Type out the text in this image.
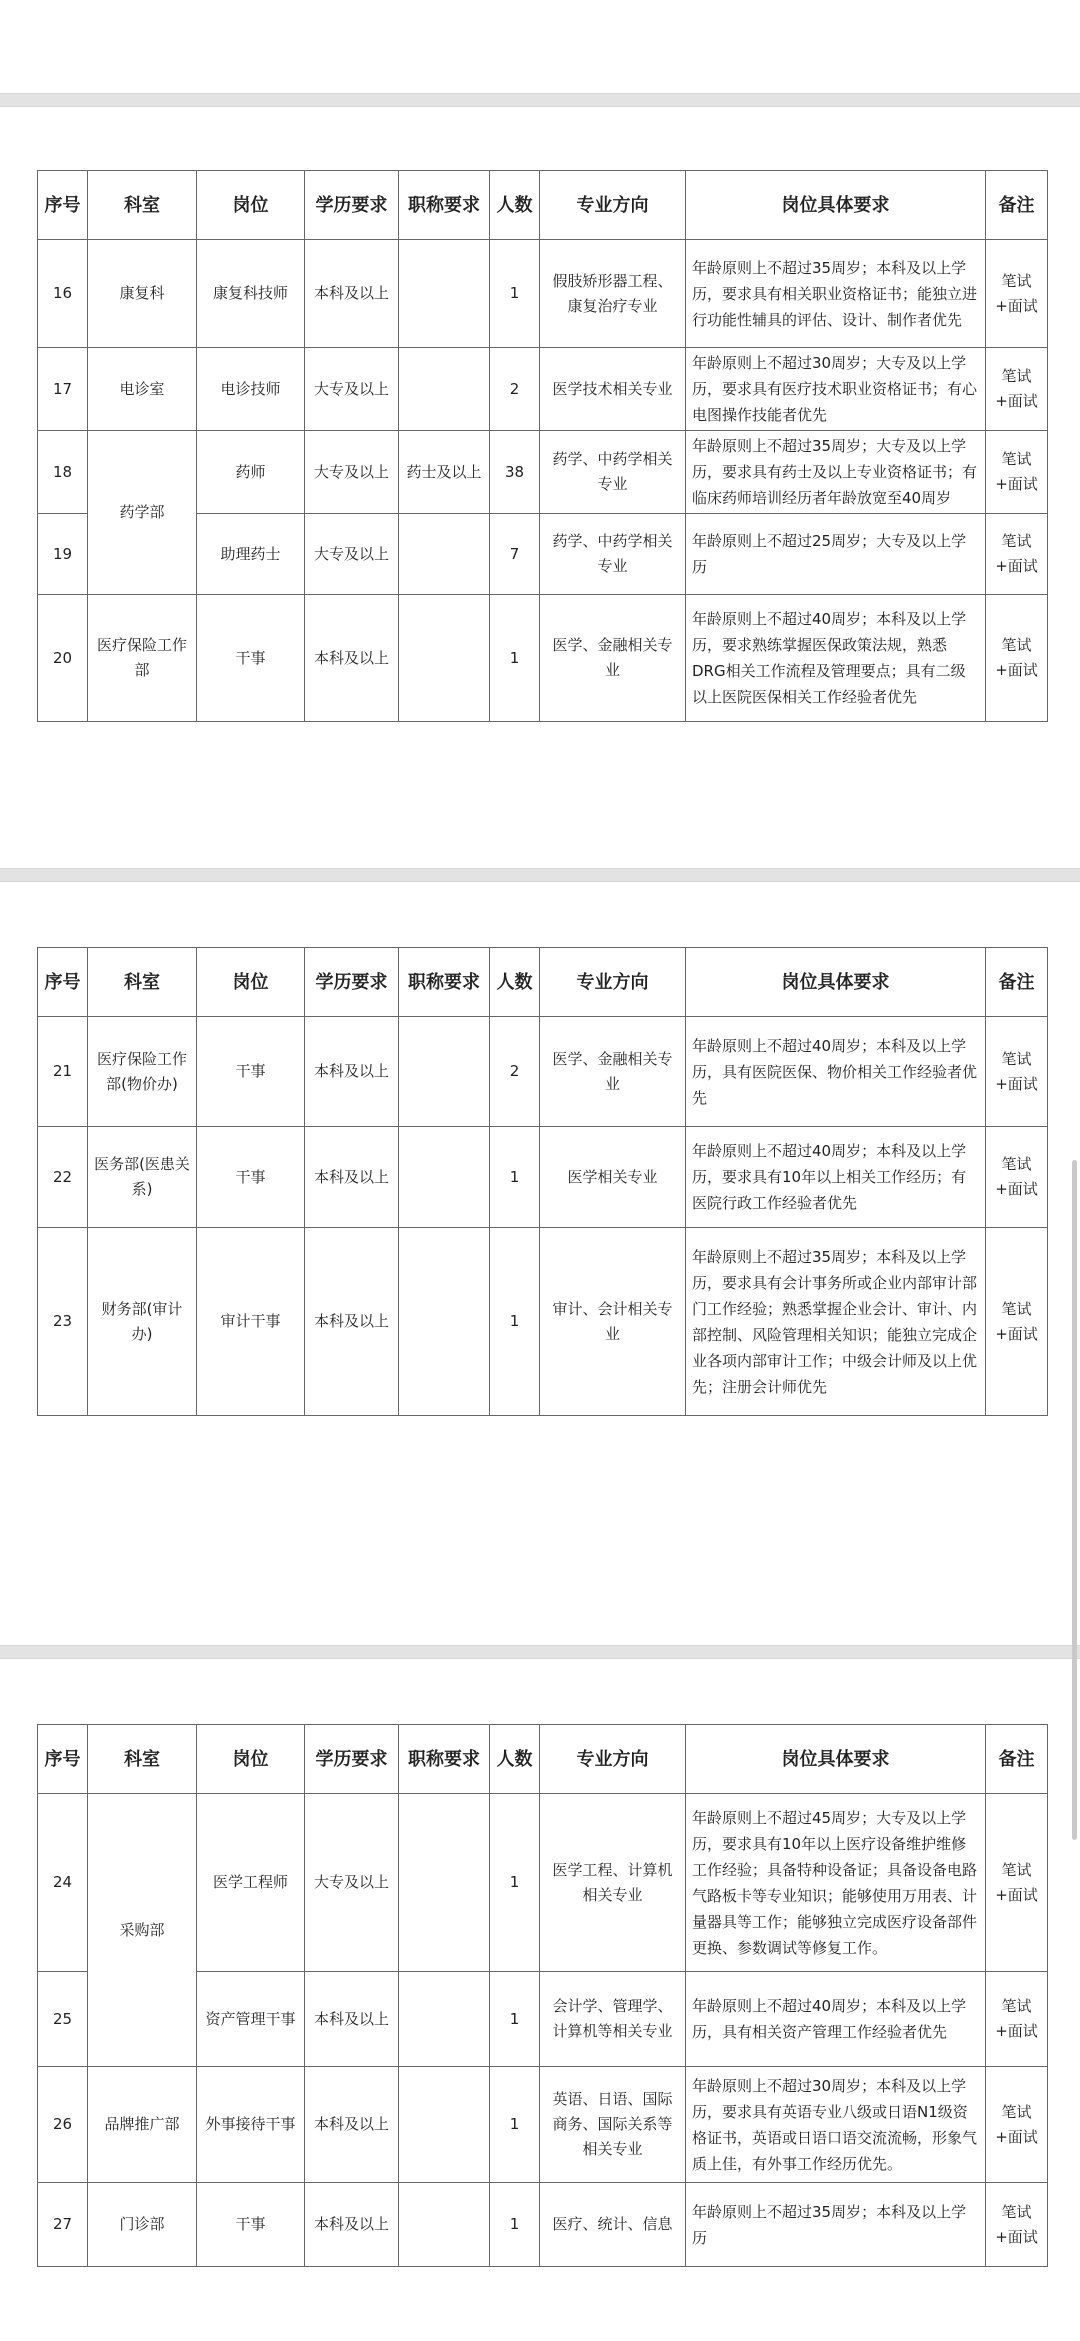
序号	科室	岗位	学历要求	职称要求	人数	专业方向	岗位具体要求	备注
16	康复科	康复科技师	本科及以上		1	假肢矫形器工程、康复治疗专业	年龄原则上不超过35周岁；本科及以上学历，要求具有相关职业资格证书；能独立进行功能性辅具的评估、设计、制作者优先	笔试+面试
17	电诊室	电诊技师	大专及以上		2	医学技术相关专业	年龄原则上不超过30周岁；大专及以上学历，要求具有医疗技术职业资格证书；有心电图操作技能者优先	笔试+面试
18	药学部	药师	大专及以上	药士及以上	38	药学、中药学相关专业	年龄原则上不超过35周岁；大专及以上学历，要求具有药士及以上专业资格证书；有临床药师培训经历者年龄放宽至40周岁	笔试+面试
19		助理药士	大专及以上		7	药学、中药学相关专业	年龄原则上不超过25周岁；大专及以上学历	笔试+面试
20	医疗保险工作部	干事	本科及以上		1	医学、金融相关专业	年龄原则上不超过40周岁；本科及以上学历，要求熟练掌握医保政策法规，熟悉DRG相关工作流程及管理要点；具有二级以上医院医保相关工作经验者优先	笔试+面试
序号	科室	岗位	学历要求	职称要求	人数	专业方向	岗位具体要求	备注
21	医疗保险工作部(物价办)	干事	本科及以上		2	医学、金融相关专业	年龄原则上不超过40周岁；本科及以上学历，具有医院医保、物价相关工作经验者优先	笔试+面试
22	医务部(医患关系)	干事	本科及以上		1	医学相关专业	年龄原则上不超过40周岁；本科及以上学历，要求具有10年以上相关工作经历；有医院行政工作经验者优先	笔试+面试
23	财务部(审计办)	审计干事	本科及以上		1	审计、会计相关专业	年龄原则上不超过35周岁；本科及以上学历，要求具有会计事务所或企业内部审计部门工作经验；熟悉掌握企业会计、审计、内部控制、风险管理相关知识；能独立完成企业各项内部审计工作；中级会计师及以上优先；注册会计师优先	笔试+面试
序号	科室	岗位	学历要求	职称要求	人数	专业方向	岗位具体要求	备注
24	采购部	医学工程师	大专及以上		1	医学工程、计算机相关专业	年龄原则上不超过45周岁；大专及以上学历，要求具有10年以上医疗设备维护维修工作经验；具备特种设备证；具备设备电路气路板卡等专业知识；能够使用万用表、计量器具等工作；能够独立完成医疗设备部件更换、参数调试等修复工作。	笔试+面试
25		资产管理干事	本科及以上		1	会计学、管理学、计算机等相关专业	年龄原则上不超过40周岁；本科及以上学历，具有相关资产管理工作经验者优先	笔试+面试
26	品牌推广部	外事接待干事	本科及以上		1	英语、日语、国际商务、国际关系等相关专业	年龄原则上不超过30周岁；本科及以上学历，要求具有英语专业八级或日语N1级资格证书，英语或日语口语交流流畅，形象气质上佳，有外事工作经历优先。	笔试+面试
27	门诊部	干事	本科及以上		1	医疗、统计、信息	年龄原则上不超过35周岁；本科及以上学历	笔试+面试
